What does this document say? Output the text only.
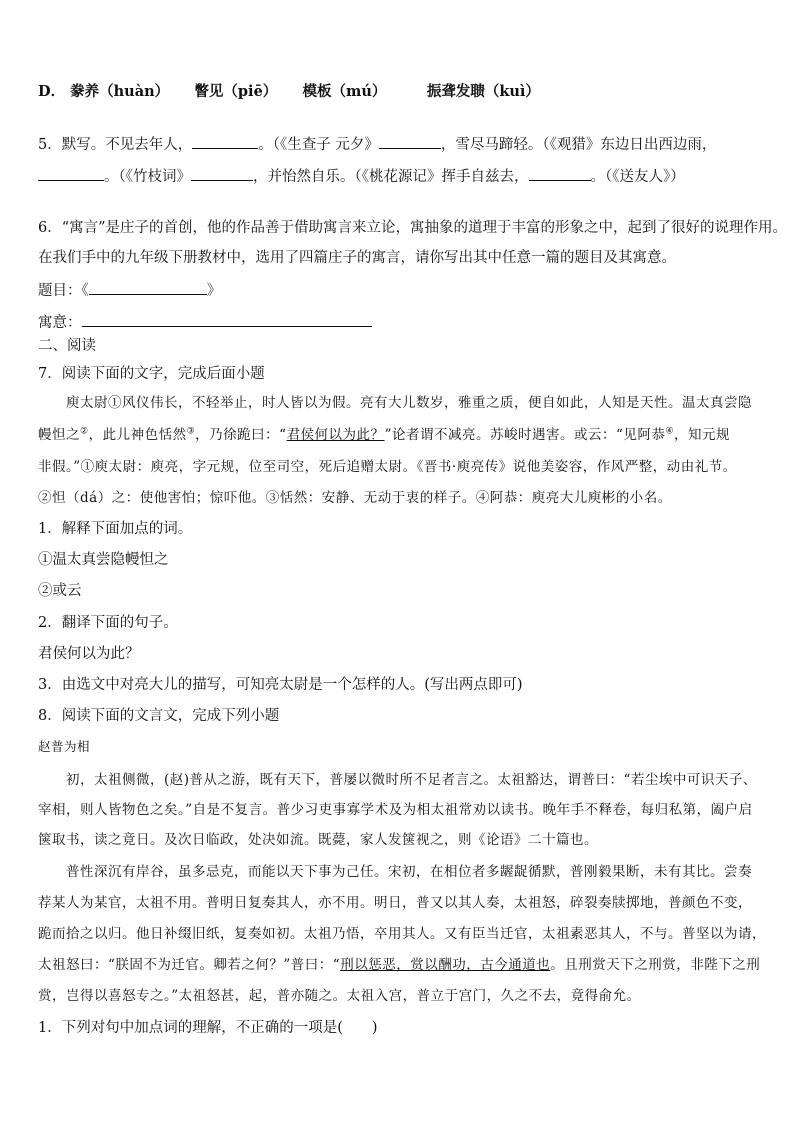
D． 豢养（huàn） 瞥见（piē） 模板（mú）	振聋发聩（kuì）
5．默写。不见去年人，	。（《生查子 元夕》	，雪尽马蹄轻。（《观猎》东边日出西边雨，
。（《竹枝词》	，并怡然自乐。（《桃花源记》挥手自兹去，	。（《送友人》）
6．“寓言”是庄子的首创，他的作品善于借助寓言来立论，寓抽象的道理于丰富的形象之中，起到了很好的说理作用。
在我们手中的九年级下册教材中，选用了四篇庄子的寓言，请你写出其中任意一篇的题目及其寓意。
题目：《	》
寓意：
二、阅读
7．阅读下面的文字，完成后面小题
庾太尉①风仪伟长，不轻举止，时人皆以为假。亮有大儿数岁，雅重之质，便自如此，人知是天性。温太真尝隐
幔怛之②，此儿神色恬然③，乃徐跪曰：“君侯何以为此？”论者谓不减亮。苏峻时遇害。或云：“见阿恭④，知元规
非假。”①庾太尉：庾亮，字元规，位至司空，死后追赠太尉。《晋书·庾亮传》说他美姿容，作风严整，动由礼节。
②怛（dá）之：使他害怕；惊吓他。③恬然：安静、无动于衷的样子。④阿恭：庾亮大儿庾彬的小名。
1．解释下面加点的词。
①温太真尝隐幔怛之
②或云
2．翻译下面的句子。
君侯何以为此？
3．由选文中对亮大儿的描写，可知亮太尉是一个怎样的人。(写出两点即可)
8．阅读下面的文言文，完成下列小题
赵普为相
初，太祖侧微，(赵)普从之游，既有天下，普屡以微时所不足者言之。太祖豁达，谓普曰：“若尘埃中可识天子、
宰相，则人皆物色之矣。”自是不复言。普少习吏事寡学术及为相太祖常劝以读书。晚年手不释卷，每归私第，阖户启
箧取书，读之竟日。及次日临政，处决如流。既薨，家人发箧视之，则《论语》二十篇也。
普性深沉有岸谷，虽多忌克，而能以天下事为己任。宋初，在相位者多龌龊循默，普刚毅果断，未有其比。尝奏
荐某人为某官，太祖不用。普明日复奏其人，亦不用。明日，普又以其人奏，太祖怒，碎裂奏牍掷地，普颜色不变，
跪而拾之以归。他日补缀旧纸，复奏如初。太祖乃悟，卒用其人。又有臣当迁官，太祖素恶其人，不与。普坚以为请，
太祖怒曰：“朕固不为迁官。卿若之何？”普曰：“刑以惩恶，赏以酬功，古今通道也。且刑赏天下之刑赏，非陛下之刑
赏，岂得以喜怒专之。”太祖怒甚，起，普亦随之。太祖入宫，普立于宫门，久之不去，竟得俞允。
1．下列对句中加点词的理解，不正确的一项是(　　)
